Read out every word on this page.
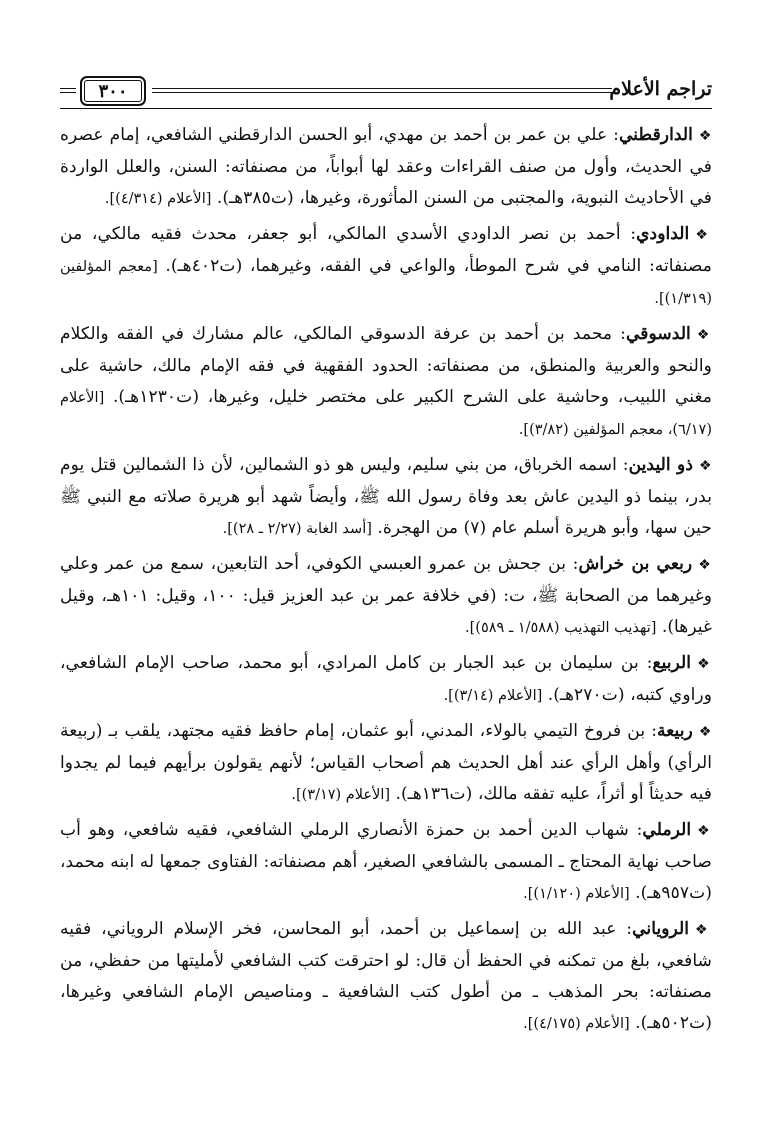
تراجم الأعلام
٣٠٠

❖الدارقطني: علي بن عمر بن أحمد بن مهدي، أبو الحسن الدارقطني الشافعي، إمام عصره في الحديث، وأول من صنف القراءات وعقد لها أبواباً، من مصنفاته: السنن، والعلل الواردة في الأحاديث النبوية، والمجتبى من السنن المأثورة، وغيرها، (ت٣٨٥هـ). [الأعلام (٤/٣١٤)].

❖الداودي: أحمد بن نصر الداودي الأسدي المالكي، أبو جعفر، محدث فقيه مالكي، من مصنفاته: النامي في شرح الموطأ، والواعي في الفقه، وغيرهما، (ت٤٠٢هـ). [معجم المؤلفين (١/٣١٩)].

❖الدسوقي: محمد بن أحمد بن عرفة الدسوقي المالكي، عالم مشارك في الفقه والكلام والنحو والعربية والمنطق، من مصنفاته: الحدود الفقهية في فقه الإمام مالك، حاشية على مغني اللبيب، وحاشية على الشرح الكبير على مختصر خليل، وغيرها، (ت١٢٣٠هـ). [الأعلام (٦/١٧)، معجم المؤلفين (٣/٨٢)].

❖ذو اليدين: اسمه الخرباق، من بني سليم، وليس هو ذو الشمالين، لأن ذا الشمالين قتل يوم بدر، بينما ذو اليدين عاش بعد وفاة رسول الله ﷺ، وأيضاً شهد أبو هريرة صلاته مع النبي ﷺ حين سها، وأبو هريرة أسلم عام (٧) من الهجرة. [أسد الغابة (٢/٢٧ ـ ٢٨)].

❖ربعي بن خراش: بن جحش بن عمرو العبسي الكوفي، أحد التابعين، سمع من عمر وعلي وغيرهما من الصحابة ﷺ، ت: (في خلافة عمر بن عبد العزيز قيل: ١٠٠، وقيل: ١٠١هـ، وقيل غيرها). [تهذيب التهذيب (١/٥٨٨ ـ ٥٨٩)].

❖الربيع: بن سليمان بن عبد الجبار بن كامل المرادي، أبو محمد، صاحب الإمام الشافعي، وراوي كتبه، (ت٢٧٠هـ). [الأعلام (٣/١٤)].

❖ربيعة: بن فروخ التيمي بالولاء، المدني، أبو عثمان، إمام حافظ فقيه مجتهد، يلقب بـ (ربيعة الرأي) وأهل الرأي عند أهل الحديث هم أصحاب القياس؛ لأنهم يقولون برأيهم فيما لم يجدوا فيه حديثاً أو أثراً، عليه تفقه مالك، (ت١٣٦هـ). [الأعلام (٣/١٧)].

❖الرملي: شهاب الدين أحمد بن حمزة الأنصاري الرملي الشافعي، فقيه شافعي، وهو أب صاحب نهاية المحتاج ـ المسمى بالشافعي الصغير، أهم مصنفاته: الفتاوى جمعها له ابنه محمد، (ت٩٥٧هـ). [الأعلام (١/١٢٠)].

❖الروياني: عبد الله بن إسماعيل بن أحمد، أبو المحاسن، فخر الإسلام الروياني، فقيه شافعي، بلغ من تمكنه في الحفظ أن قال: لو احترقت كتب الشافعي لأمليتها من حفظي، من مصنفاته: بحر المذهب ـ من أطول كتب الشافعية ـ ومناصيص الإمام الشافعي وغيرها، (ت٥٠٢هـ). [الأعلام (٤/١٧٥)].
